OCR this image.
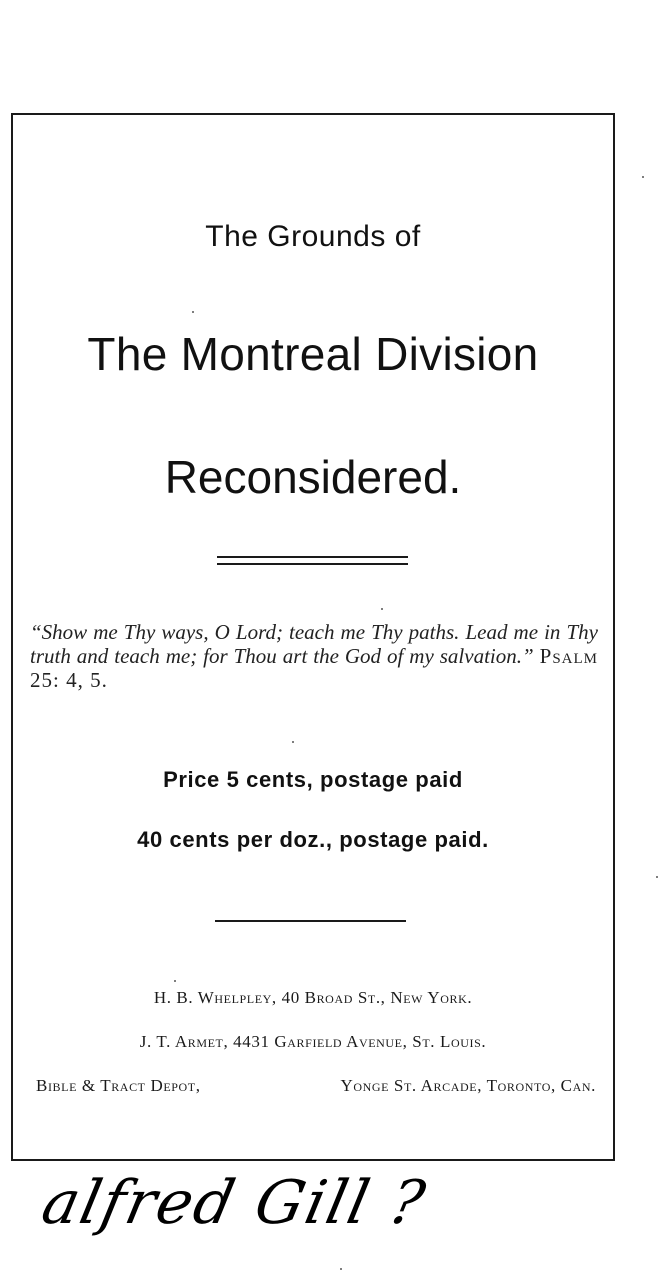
The Grounds of
The Montreal Division
Reconsidered.
“Show me Thy ways, O Lord; teach me Thy paths. Lead me in Thy truth and teach me; for Thou art the God of my salvation.” Psalm 25: 4, 5.
Price 5 cents, postage paid
40 cents per doz., postage paid.
H. B. Whelpley, 40 Broad St., New York.
J. T. Armet, 4431 Garfield Avenue, St. Louis.
Bible & Tract Depot,	Yonge St. Arcade, Toronto, Can.
alfred Gill ?
